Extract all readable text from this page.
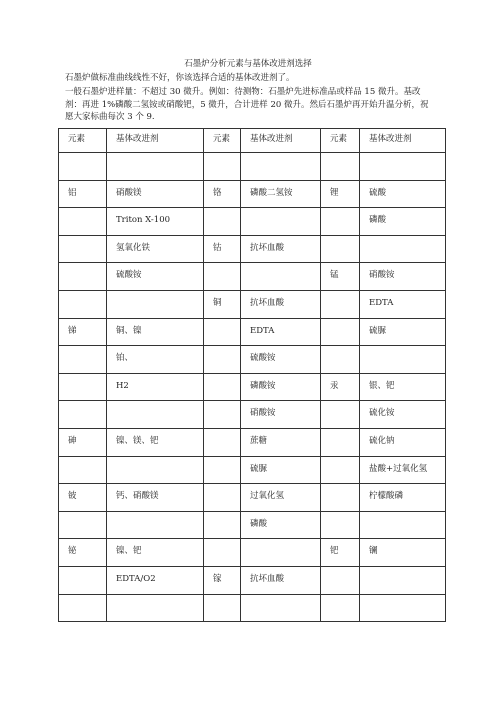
石墨炉分析元素与基体改进剂选择
石墨炉做标准曲线线性不好，你该选择合适的基体改进剂了。
一般石墨炉进样量：不超过 30 微升。例如：待测物：石墨炉先进标准品或样品 15 微升。基改剂：再进 1%磷酸二氢铵或硝酸钯，5 微升，合计进样 20 微升。然后石墨炉再开始升温分析，祝愿大家标曲每次 3 个 9.
元素	基体改进剂	元素	基体改进剂	元素	基体改进剂

铝	硝酸镁	铬	磷酸二氢铵	锂	硫酸
	Triton X-100				磷酸
	氢氧化铁	钴	抗坏血酸		
	硫酸铵			锰	硝酸铵
		铜	抗坏血酸		EDTA
锑	铜、镍		EDTA		硫脲
	铂、		硫酸铵		
	H2		磷酸铵	汞	银、钯
			硝酸铵		硫化铵
砷	镍、镁、钯		蔗糖		硫化钠
			硫脲		盐酸+过氧化氢
铍	钙、硝酸镁		过氧化氢		柠檬酸磷
			磷酸		
铋	镍、钯			钯	镧
	EDTA/O2	镓	抗坏血酸		
